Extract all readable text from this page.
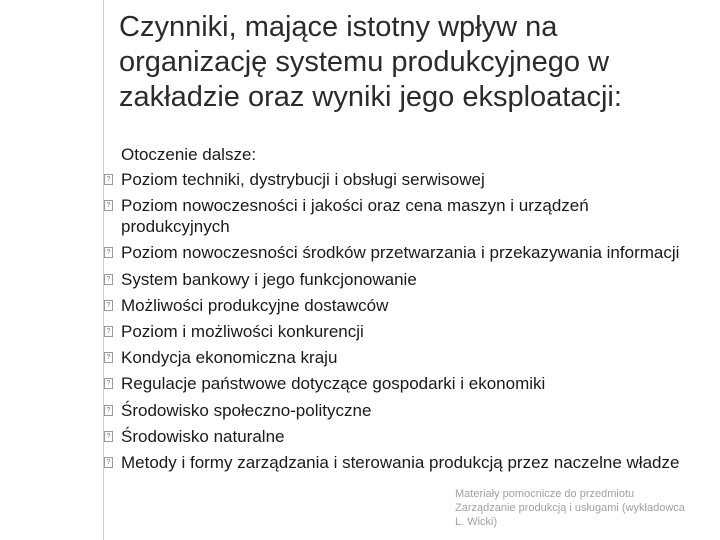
Czynniki, mające istotny wpływ na organizację systemu produkcyjnego w zakładzie oraz wyniki jego eksploatacji:
Otoczenie dalsze:
? Poziom techniki, dystrybucji i obsługi serwisowej
? Poziom nowoczesności i jakości oraz cena maszyn i urządzeń produkcyjnych
? Poziom nowoczesności środków przetwarzania i przekazywania informacji
? System bankowy i jego funkcjonowanie
? Możliwości produkcyjne dostawców
? Poziom i możliwości konkurencji
? Kondycja ekonomiczna kraju
? Regulacje państwowe dotyczące gospodarki i ekonomiki
? Środowisko społeczno-polityczne
? Środowisko naturalne
? Metody i formy zarządzania i sterowania produkcją przez naczelne władze
Materiały pomocnicze do przedmiotu Zarządzanie produkcją i usługami (wykładowca L. Wicki)
